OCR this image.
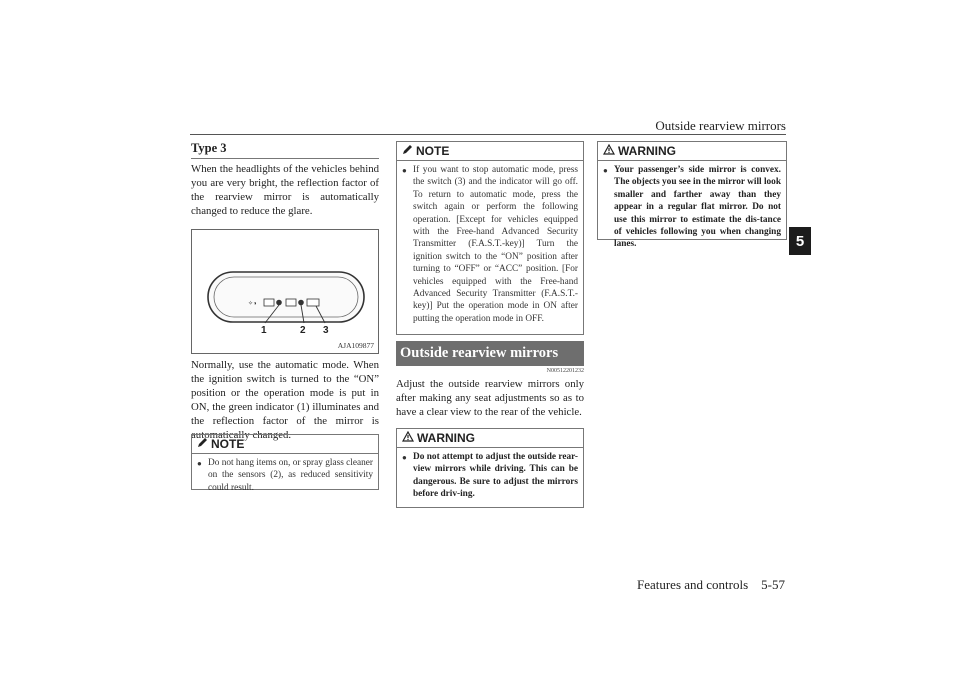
Outside rearview mirrors
5
Type 3
When the headlights of the vehicles behind you are very bright, the reflection factor of the rearview mirror is automatically changed to reduce the glare.
✧◑
1	2 3
AJA109877
Normally, use the automatic mode. When the ignition switch is turned to the “ON” position or the operation mode is put in ON, the green indicator (1) illuminates and the reflection factor of the mirror is automatically changed.
NOTE
● Do not hang items on, or spray glass cleaner on the sensors (2), as reduced sensitivity could result.
NOTE
● If you want to stop automatic mode, press the switch (3) and the indicator will go off. To return to automatic mode, press the switch again or perform the following operation. [Except for vehicles equipped with the Free-hand Advanced Security Transmitter (F.A.S.T.-key)] Turn the ignition switch to the “ON” position after turning to “OFF” or “ACC” position. [For vehicles equipped with the Free-hand Advanced Security Transmitter (F.A.S.T.-key)] Put the operation mode in ON after putting the operation mode in OFF.
Outside rearview mirrors
N00512201232
Adjust the outside rearview mirrors only after making any seat adjustments so as to have a clear view to the rear of the vehicle.
WARNING
● Do not attempt to adjust the outside rear-view mirrors while driving. This can be dangerous. Be sure to adjust the mirrors before driv-ing.
WARNING
● Your passenger’s side mirror is convex. The objects you see in the mirror will look smaller and farther away than they appear in a regular flat mirror. Do not use this mirror to estimate the dis-tance of vehicles following you when changing lanes.
Features and controls    5-57
